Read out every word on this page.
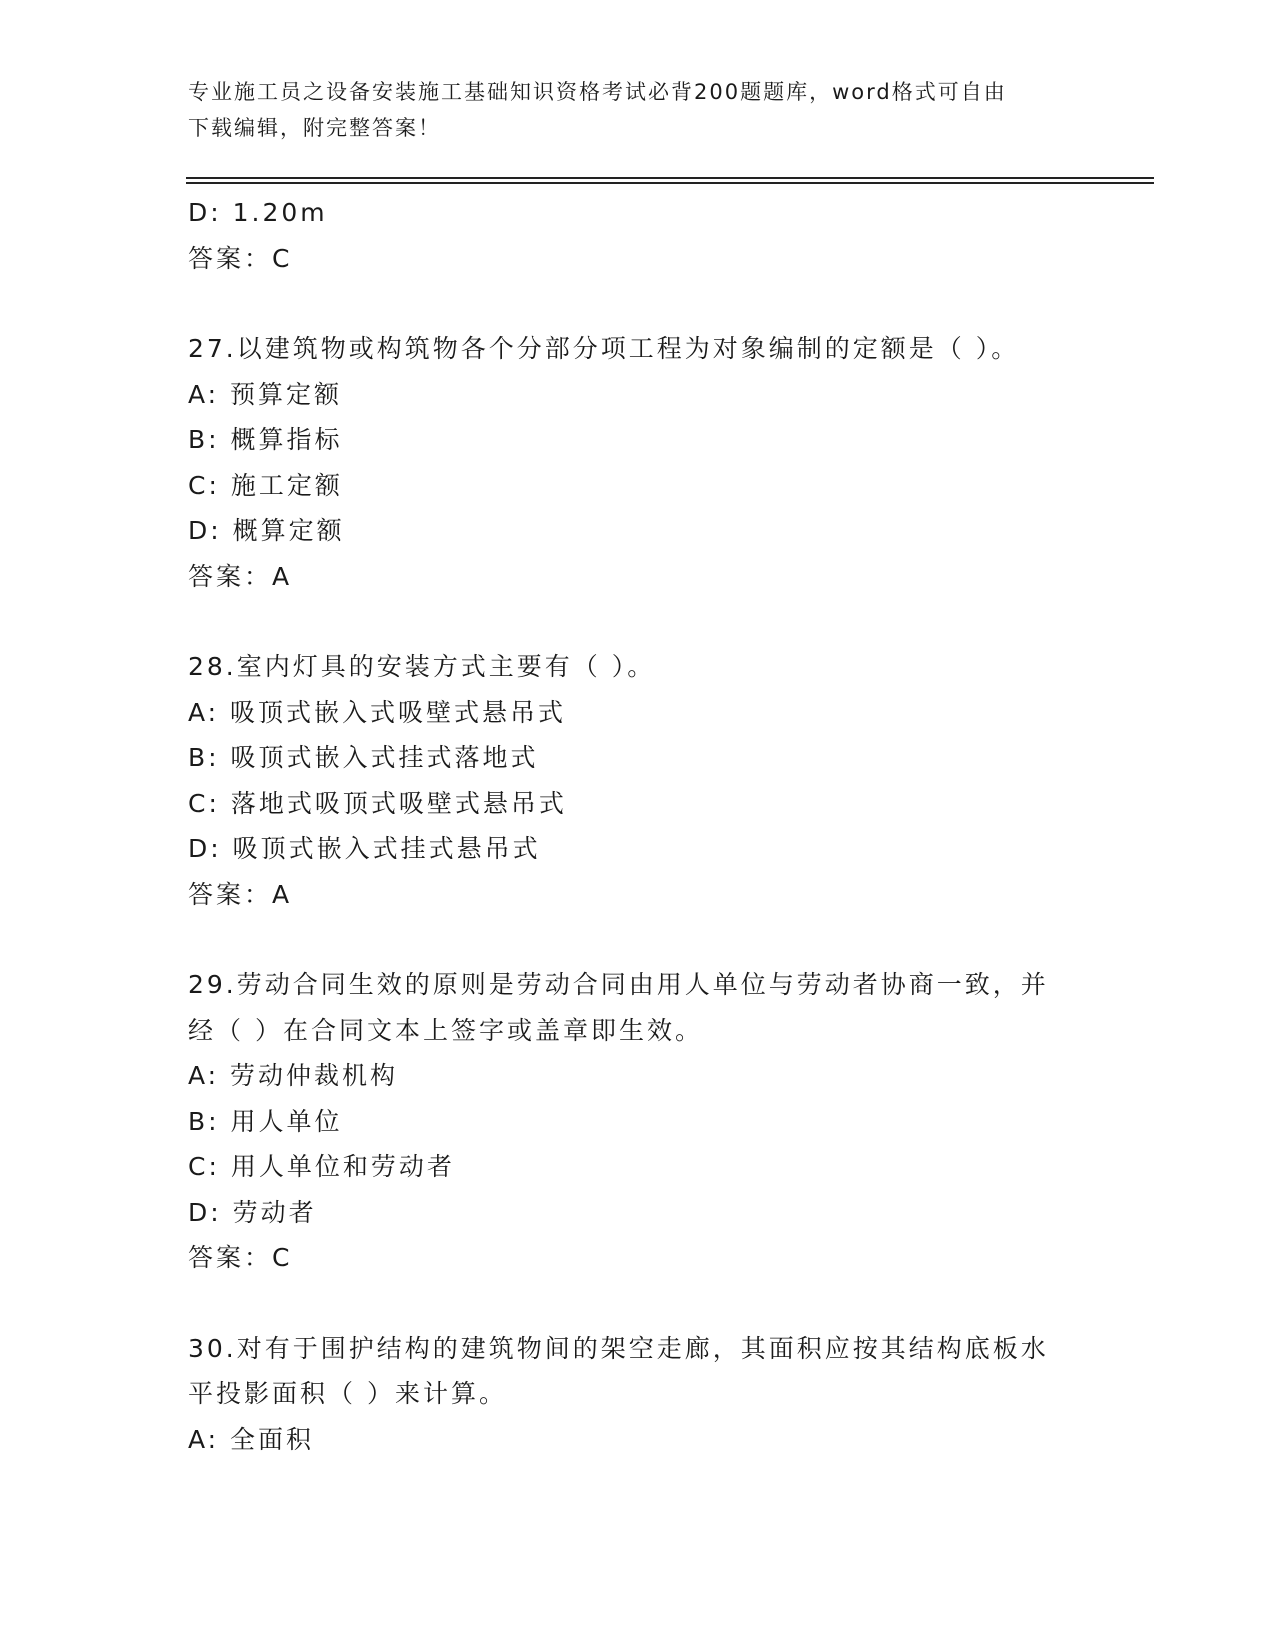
专业施工员之设备安装施工基础知识资格考试必背200题题库，word格式可自由
下载编辑，附完整答案！
D: 1.20m
答案：C
27.以建筑物或构筑物各个分部分项工程为对象编制的定额是（ ）。
A: 预算定额
B: 概算指标
C: 施工定额
D: 概算定额
答案：A
28.室内灯具的安装方式主要有（ ）。
A: 吸顶式嵌入式吸壁式悬吊式
B: 吸顶式嵌入式挂式落地式
C: 落地式吸顶式吸壁式悬吊式
D: 吸顶式嵌入式挂式悬吊式
答案：A
29.劳动合同生效的原则是劳动合同由用人单位与劳动者协商一致，并
经（ ）在合同文本上签字或盖章即生效。
A: 劳动仲裁机构
B: 用人单位
C: 用人单位和劳动者
D: 劳动者
答案：C
30.对有于围护结构的建筑物间的架空走廊，其面积应按其结构底板水
平投影面积（ ）来计算。
A: 全面积
